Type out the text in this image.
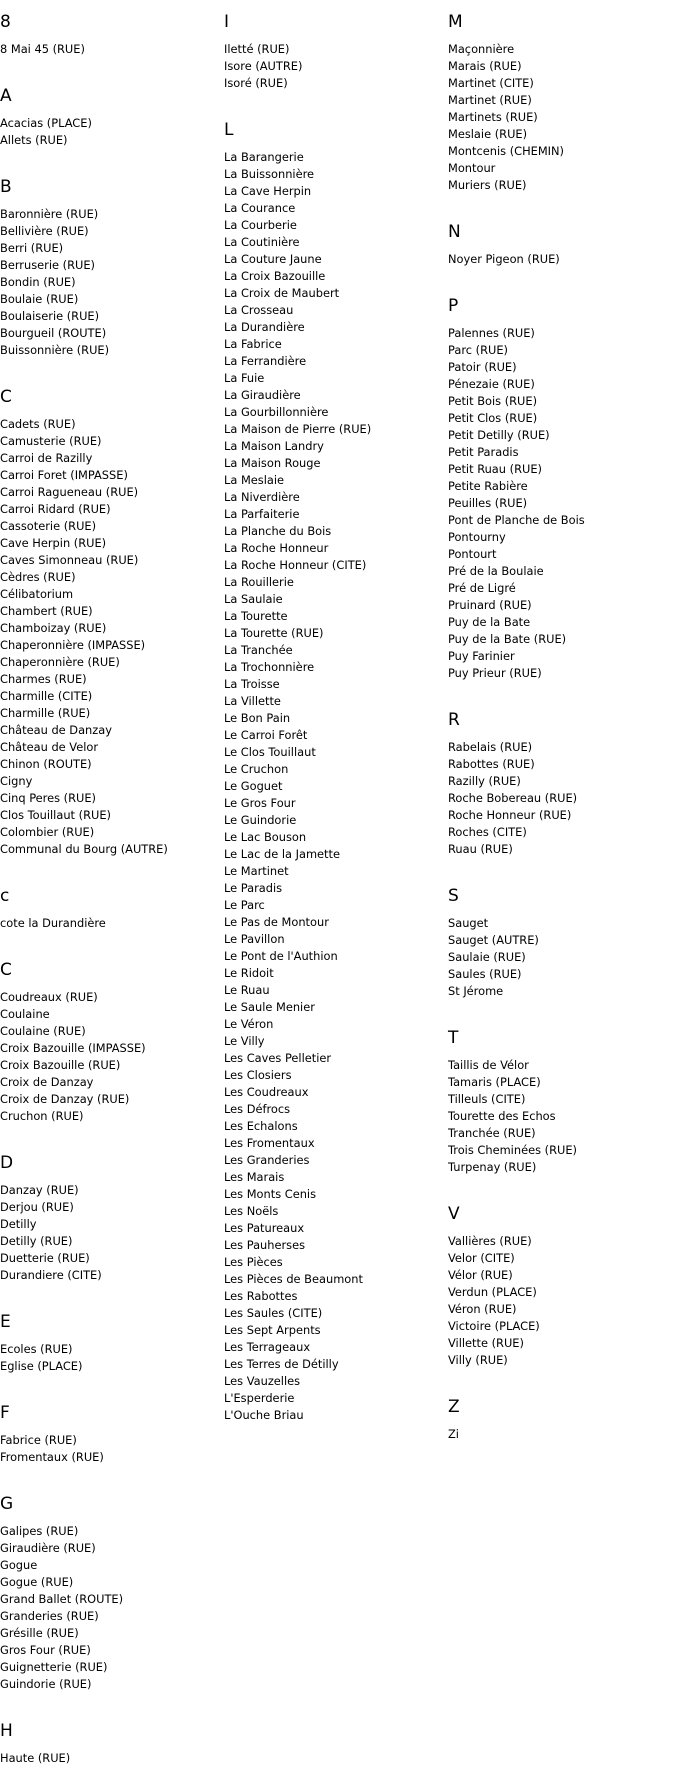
8
8 Mai 45 (RUE)
A
Acacias (PLACE)
Allets (RUE)
B
Baronnière (RUE)
Bellivière (RUE)
Berri (RUE)
Berruserie (RUE)
Bondin (RUE)
Boulaie (RUE)
Boulaiserie (RUE)
Bourgueil (ROUTE)
Buissonnière (RUE)
C
Cadets (RUE)
Camusterie (RUE)
Carroi de Razilly
Carroi Foret (IMPASSE)
Carroi Ragueneau (RUE)
Carroi Ridard (RUE)
Cassoterie (RUE)
Cave Herpin (RUE)
Caves Simonneau (RUE)
Cèdres (RUE)
Célibatorium
Chambert (RUE)
Chamboizay (RUE)
Chaperonnière (IMPASSE)
Chaperonnière (RUE)
Charmes (RUE)
Charmille (CITE)
Charmille (RUE)
Château de Danzay
Château de Velor
Chinon (ROUTE)
Cigny
Cinq Peres (RUE)
Clos Touillaut (RUE)
Colombier (RUE)
Communal du Bourg (AUTRE)
c
cote la Durandière
C
Coudreaux (RUE)
Coulaine
Coulaine (RUE)
Croix Bazouille (IMPASSE)
Croix Bazouille (RUE)
Croix de Danzay
Croix de Danzay (RUE)
Cruchon (RUE)
D
Danzay (RUE)
Derjou (RUE)
Detilly
Detilly (RUE)
Duetterie (RUE)
Durandiere (CITE)
E
Ecoles (RUE)
Eglise (PLACE)
F
Fabrice (RUE)
Fromentaux (RUE)
G
Galipes (RUE)
Giraudière (RUE)
Gogue
Gogue (RUE)
Grand Ballet (ROUTE)
Granderies (RUE)
Grésille (RUE)
Gros Four (RUE)
Guignetterie (RUE)
Guindorie (RUE)
H
Haute (RUE)
I
Iletté (RUE)
Isore (AUTRE)
Isoré (RUE)
L
La Barangerie
La Buissonnière
La Cave Herpin
La Courance
La Courberie
La Coutinière
La Couture Jaune
La Croix Bazouille
La Croix de Maubert
La Crosseau
La Durandière
La Fabrice
La Ferrandière
La Fuie
La Giraudière
La Gourbillonnière
La Maison de Pierre (RUE)
La Maison Landry
La Maison Rouge
La Meslaie
La Niverdière
La Parfaiterie
La Planche du Bois
La Roche Honneur
La Roche Honneur (CITE)
La Rouillerie
La Saulaie
La Tourette
La Tourette (RUE)
La Tranchée
La Trochonnière
La Troisse
La Villette
Le Bon Pain
Le Carroi Forêt
Le Clos Touillaut
Le Cruchon
Le Goguet
Le Gros Four
Le Guindorie
Le Lac Bouson
Le Lac de la Jamette
Le Martinet
Le Paradis
Le Parc
Le Pas de Montour
Le Pavillon
Le Pont de l'Authion
Le Ridoit
Le Ruau
Le Saule Menier
Le Véron
Le Villy
Les Caves Pelletier
Les Closiers
Les Coudreaux
Les Défrocs
Les Echalons
Les Fromentaux
Les Granderies
Les Marais
Les Monts Cenis
Les Noëls
Les Patureaux
Les Pauherses
Les Pièces
Les Pièces de Beaumont
Les Rabottes
Les Saules (CITE)
Les Sept Arpents
Les Terrageaux
Les Terres de Détilly
Les Vauzelles
L'Esperderie
L'Ouche Briau
M
Maçonnière
Marais (RUE)
Martinet (CITE)
Martinet (RUE)
Martinets (RUE)
Meslaie (RUE)
Montcenis (CHEMIN)
Montour
Muriers (RUE)
N
Noyer Pigeon (RUE)
P
Palennes (RUE)
Parc (RUE)
Patoir (RUE)
Pénezaie (RUE)
Petit Bois (RUE)
Petit Clos (RUE)
Petit Detilly (RUE)
Petit Paradis
Petit Ruau (RUE)
Petite Rabière
Peuilles (RUE)
Pont de Planche de Bois
Pontourny
Pontourt
Pré de la Boulaie
Pré de Ligré
Pruinard (RUE)
Puy de la Bate
Puy de la Bate (RUE)
Puy Farinier
Puy Prieur (RUE)
R
Rabelais (RUE)
Rabottes (RUE)
Razilly (RUE)
Roche Bobereau (RUE)
Roche Honneur (RUE)
Roches (CITE)
Ruau (RUE)
S
Sauget
Sauget (AUTRE)
Saulaie (RUE)
Saules (RUE)
St Jérome
T
Taillis de Vélor
Tamaris (PLACE)
Tilleuls (CITE)
Tourette des Echos
Tranchée (RUE)
Trois Cheminées (RUE)
Turpenay (RUE)
V
Vallières (RUE)
Velor (CITE)
Vélor (RUE)
Verdun (PLACE)
Véron (RUE)
Victoire (PLACE)
Villette (RUE)
Villy (RUE)
Z
Zi
